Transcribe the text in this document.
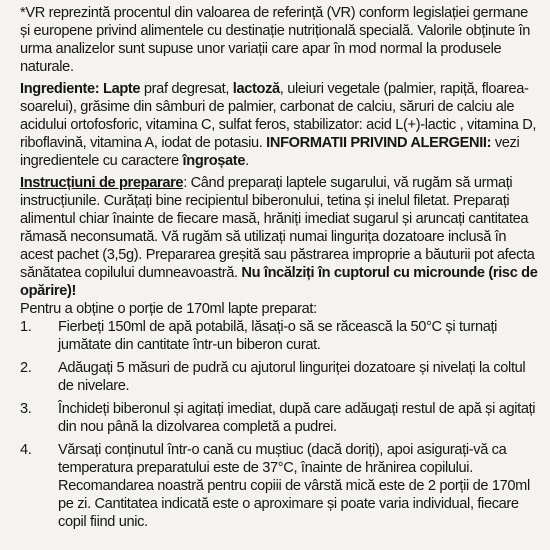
*VR reprezintă procentul din valoarea de referință (VR) conform legislației germane și europene privind alimentele cu destinație nutrițională specială. Valorile obținute în urma analizelor sunt supuse unor variații care apar în mod normal la produsele naturale.

Ingrediente: Lapte praf degresat, lactoză, uleiuri vegetale (palmier, rapiță, floarea-soarelui), grăsime din sâmburi de palmier, carbonat de calciu, săruri de calciu ale acidului ortofosforic, vitamina C, sulfat feros, stabilizator: acid L(+)-lactic , vitamina D, riboflavină, vitamina A, iodat de potasiu. INFORMATII PRIVIND ALERGENII: vezi ingredientele cu caractere îngroșate.

Instrucțiuni de preparare: Când preparați laptele sugarului, vă rugăm să urmați instrucțiunile. Curățați bine recipientul biberonului, tetina și inelul filetat. Preparați alimentul chiar înainte de fiecare masă, hrăniți imediat sugarul și aruncați cantitatea rămasă neconsumată. Vă rugăm să utilizați numai lingurița dozatoare inclusă în acest pachet (3,5g). Prepararea greșită sau păstrarea improprie a băuturii pot afecta sănătatea copilului dumneavoastră. Nu încălziți în cuptorul cu microunde (risc de opărire)!

Pentru a obține o porție de 170ml lapte preparat:

1. Fierbeți 150ml de apă potabilă, lăsați-o să se răcească la 50°C și turnați jumătate din cantitate într-un biberon curat.
2. Adăugați 5 măsuri de pudră cu ajutorul linguriței dozatoare și nivelați la coltul de nivelare.
3. Închideți biberonul și agitați imediat, după care adăugați restul de apă și agitați din nou până la dizolvarea completă a pudrei.
4. Vărsați conținutul într-o cană cu muștiuc (dacă doriți), apoi asigurați-vă ca temperatura preparatului este de 37°C, înainte de hrănirea copilului. Recomandarea noastră pentru copiii de vârstă mică este de 2 porții de 170ml pe zi. Cantitatea indicată este o aproximare și poate varia individual, fiecare copil fiind unic.
